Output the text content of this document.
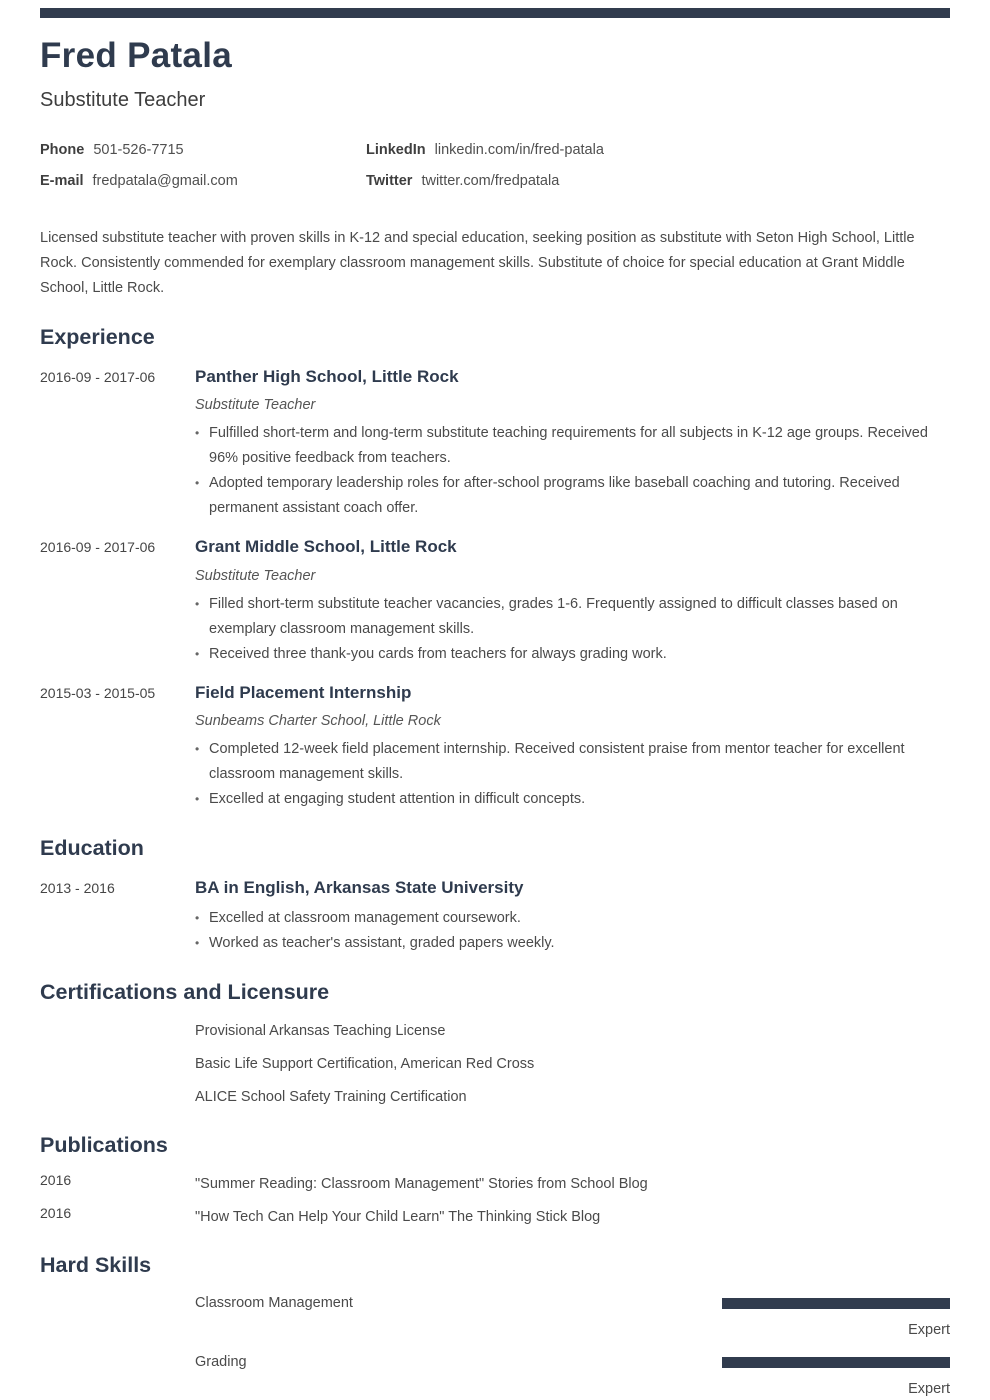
Fred Patala
Substitute Teacher
Phone 501-526-7715	LinkedIn linkedin.com/in/fred-patala
E-mail fredpatala@gmail.com	Twitter twitter.com/fredpatala

Licensed substitute teacher with proven skills in K-12 and special education, seeking position as substitute with Seton High School, Little Rock. Consistently commended for exemplary classroom management skills. Substitute of choice for special education at Grant Middle School, Little Rock.

Experience
2016-09 - 2017-06	Panther High School, Little Rock
Substitute Teacher
• Fulfilled short-term and long-term substitute teaching requirements for all subjects in K-12 age groups. Received 96% positive feedback from teachers.
• Adopted temporary leadership roles for after-school programs like baseball coaching and tutoring. Received permanent assistant coach offer.
2016-09 - 2017-06	Grant Middle School, Little Rock
Substitute Teacher
• Filled short-term substitute teacher vacancies, grades 1-6. Frequently assigned to difficult classes based on exemplary classroom management skills.
• Received three thank-you cards from teachers for always grading work.
2015-03 - 2015-05	Field Placement Internship
Sunbeams Charter School, Little Rock
• Completed 12-week field placement internship. Received consistent praise from mentor teacher for excellent classroom management skills.
• Excelled at engaging student attention in difficult concepts.
Education
2013 - 2016	BA in English, Arkansas State University
• Excelled at classroom management coursework.
• Worked as teacher's assistant, graded papers weekly.
Certifications and Licensure
Provisional Arkansas Teaching License
Basic Life Support Certification, American Red Cross
ALICE School Safety Training Certification
Publications
2016	"Summer Reading: Classroom Management" Stories from School Blog
2016	"How Tech Can Help Your Child Learn" The Thinking Stick Blog
Hard Skills
Classroom Management
Expert
Grading
Expert
